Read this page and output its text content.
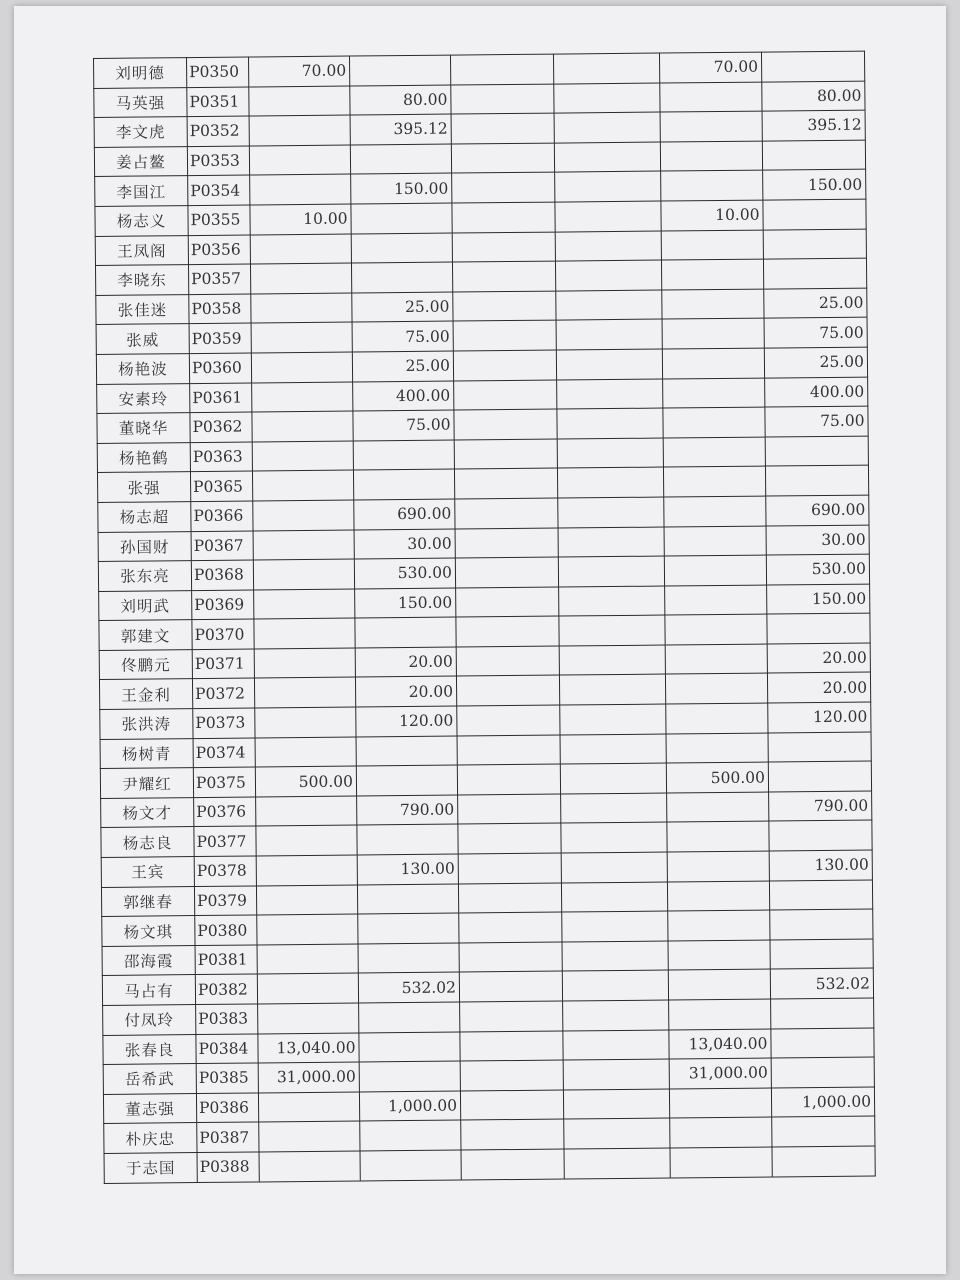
刘明德	P0350	70.00				70.00	
马英强	P0351		80.00				80.00
李文虎	P0352		395.12				395.12
姜占鳌	P0353						
李国江	P0354		150.00				150.00
杨志义	P0355	10.00				10.00	
王凤阁	P0356						
李晓东	P0357						
张佳迷	P0358		25.00				25.00
张威	P0359		75.00				75.00
杨艳波	P0360		25.00				25.00
安素玲	P0361		400.00				400.00
董晓华	P0362		75.00				75.00
杨艳鹤	P0363						
张强	P0365						
杨志超	P0366		690.00				690.00
孙国财	P0367		30.00				30.00
张东亮	P0368		530.00				530.00
刘明武	P0369		150.00				150.00
郭建文	P0370						
佟鹏元	P0371		20.00				20.00
王金利	P0372		20.00				20.00
张洪涛	P0373		120.00				120.00
杨树青	P0374						
尹耀红	P0375	500.00				500.00	
杨文才	P0376		790.00				790.00
杨志良	P0377						
王宾	P0378		130.00				130.00
郭继春	P0379						
杨文琪	P0380						
邵海霞	P0381						
马占有	P0382		532.02				532.02
付凤玲	P0383						
张春良	P0384	13,040.00				13,040.00	
岳希武	P0385	31,000.00				31,000.00	
董志强	P0386		1,000.00				1,000.00
朴庆忠	P0387						
于志国	P0388						
